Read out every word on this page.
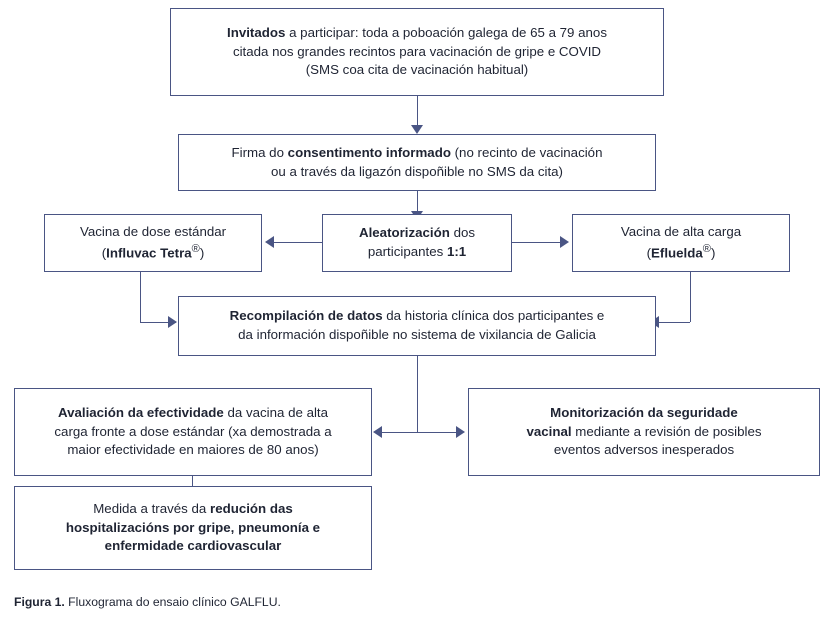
Invitados a participar: toda a poboación galega de 65 a 79 anos
citada nos grandes recintos para vacinación de gripe e COVID
(SMS coa cita de vacinación habitual)
Firma do consentimento informado (no recinto de vacinación
ou a través da ligazón dispoñible no SMS da cita)
Aleatorización dos
participantes 1:1
Vacina de dose estándar
(Influvac Tetra®)
Vacina de alta carga
(Efluelda®)
Recompilación de datos da historia clínica dos participantes e
da información dispoñible no sistema de vixilancia de Galicia
Avaliación da efectividade da vacina de alta
carga fronte a dose estándar (xa demostrada a
maior efectividade en maiores de 80 anos)
Monitorización da seguridade
vacinal mediante a revisión de posibles
eventos adversos inesperados
Medida a través da redución das
hospitalizacións por gripe, pneumonía e
enfermidade cardiovascular
Figura 1. Fluxograma do ensaio clínico GALFLU.
